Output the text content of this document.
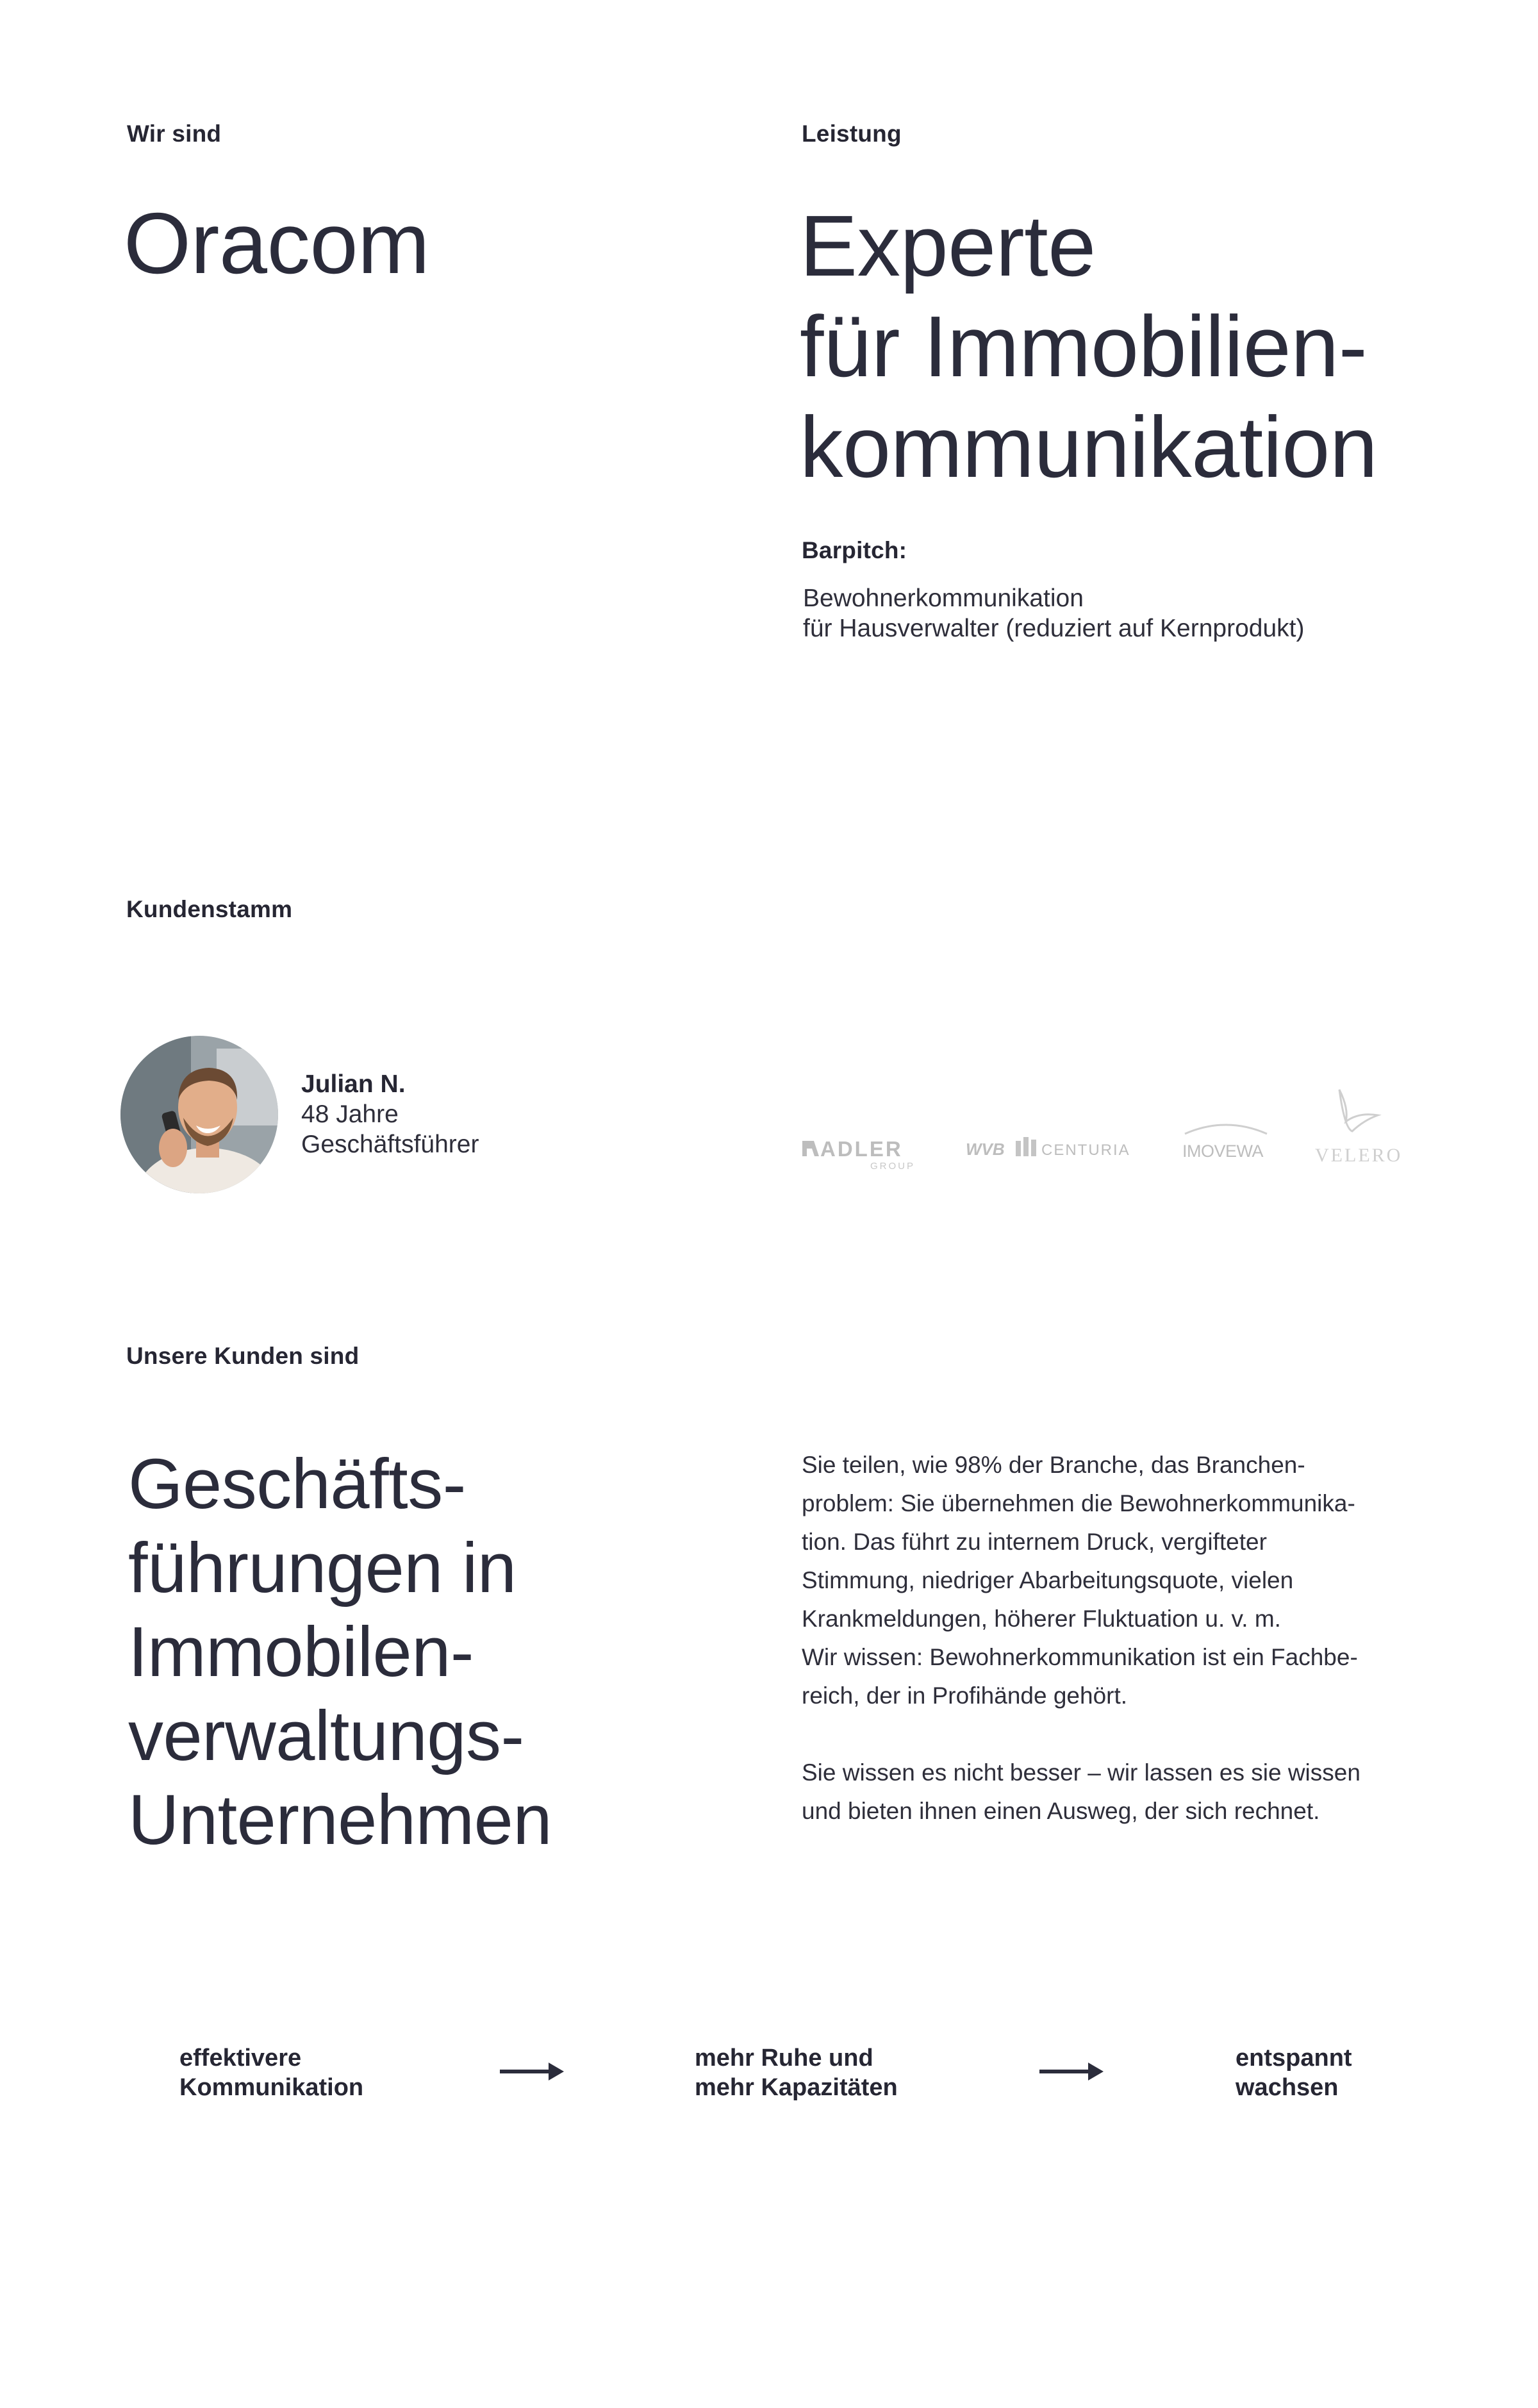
Wir sind	Leistung

Oracom	Experte
für Immobilien-
kommunikation

Barpitch:

Bewohnerkommunikation
für Hausverwalter (reduziert auf Kernprodukt)

Kundenstamm

Julian N.
48 Jahre
Geschäftsführer	ADLER
GROUP
WVB CENTURIA	IMOVEWA	VELERO

Unsere Kunden sind

Geschäfts-
führungen in
Immobilen-
verwaltungs-
Unternehmen
Sie teilen, wie 98% der Branche, das Branchen-
problem: Sie übernehmen die Bewohnerkommunika-
tion. Das führt zu internem Druck, vergifteter
Stimmung, niedriger Abarbeitungsquote, vielen
Krankmeldungen, höherer Fluktuation u. v. m.
Wir wissen: Bewohnerkommunikation ist ein Fachbe-
reich, der in Profihände gehört.
Sie wissen es nicht besser – wir lassen es sie wissen
und bieten ihnen einen Ausweg, der sich rechnet.
effektivere
Kommunikation
mehr Ruhe und
mehr Kapazitäten
entspannt
wachsen
